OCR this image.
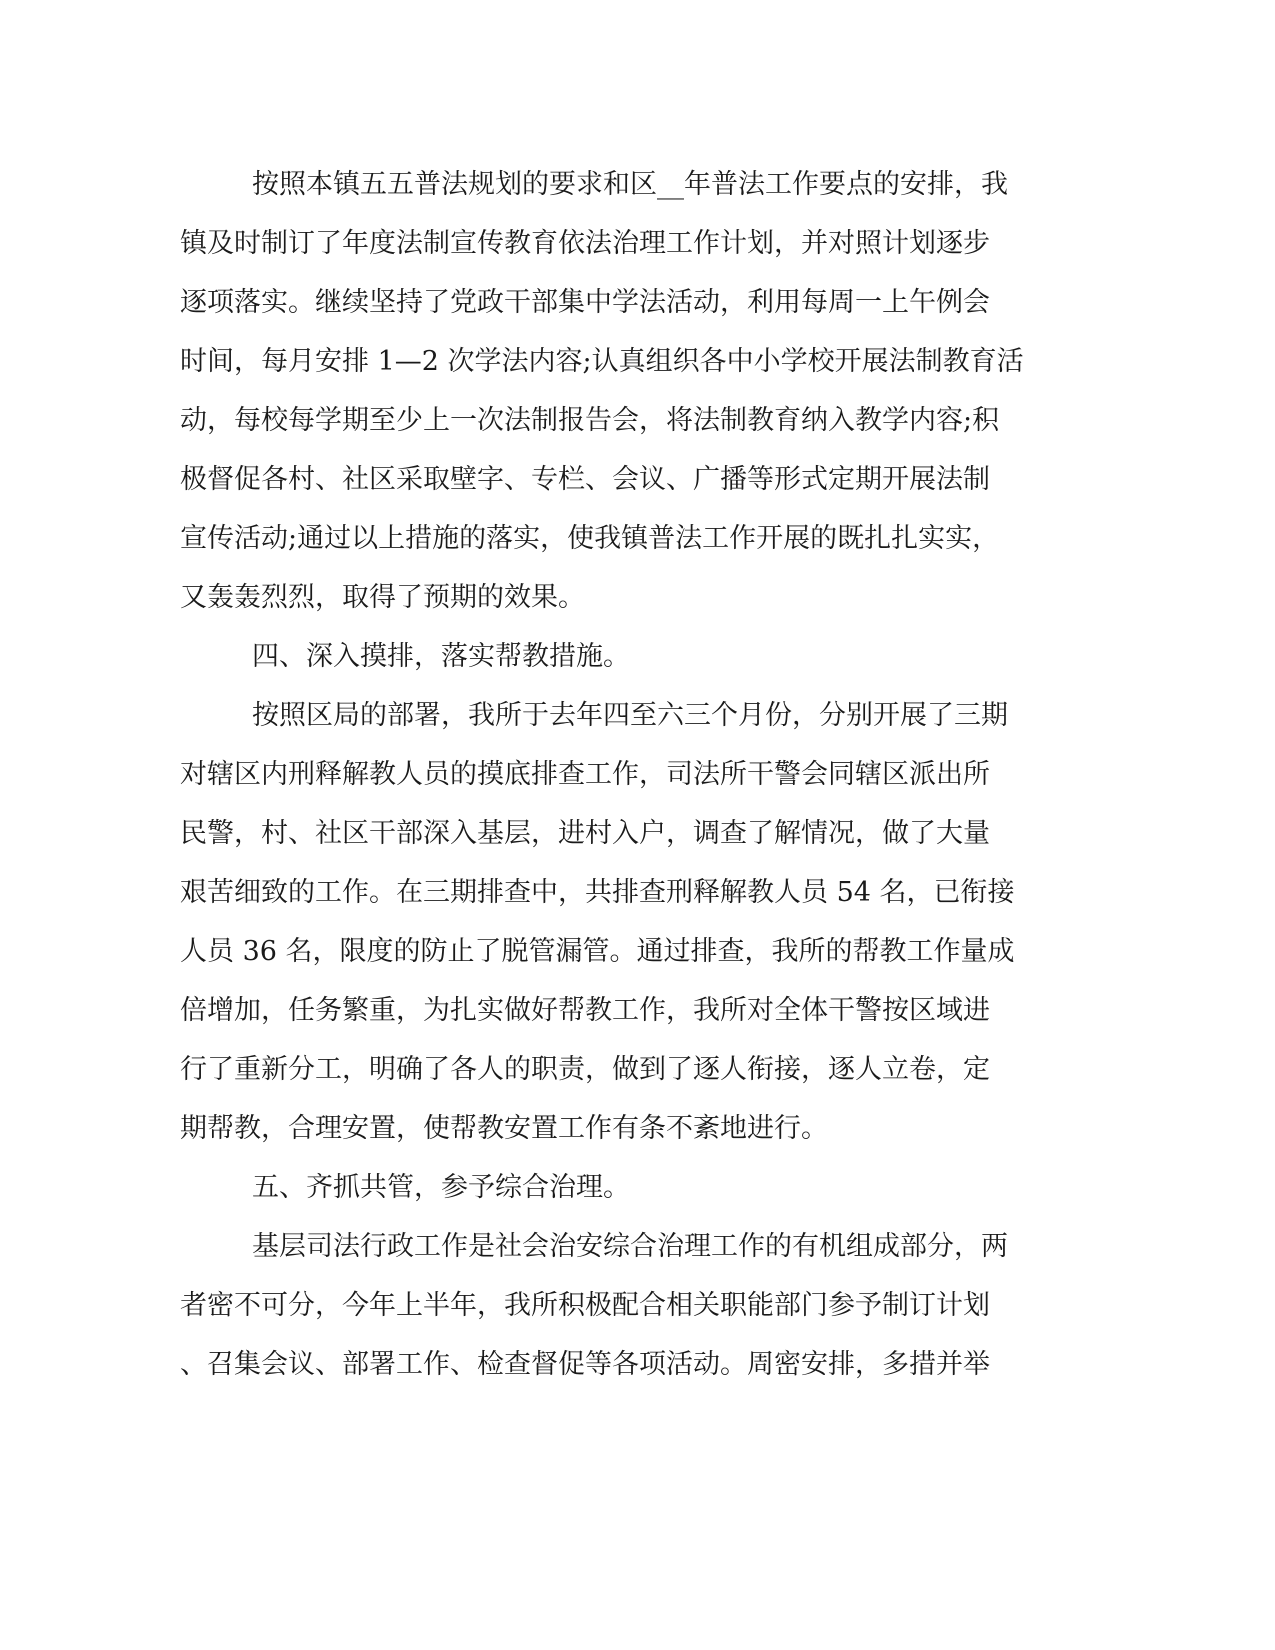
按照本镇五五普法规划的要求和区__年普法工作要点的安排，我
镇及时制订了年度法制宣传教育依法治理工作计划，并对照计划逐步
逐项落实。继续坚持了党政干部集中学法活动，利用每周一上午例会
时间，每月安排 1—2 次学法内容;认真组织各中小学校开展法制教育活
动，每校每学期至少上一次法制报告会，将法制教育纳入教学内容;积
极督促各村、社区采取壁字、专栏、会议、广播等形式定期开展法制
宣传活动;通过以上措施的落实，使我镇普法工作开展的既扎扎实实，
又轰轰烈烈，取得了预期的效果。
四、深入摸排，落实帮教措施。
按照区局的部署，我所于去年四至六三个月份，分别开展了三期
对辖区内刑释解教人员的摸底排查工作，司法所干警会同辖区派出所
民警，村、社区干部深入基层，进村入户，调查了解情况，做了大量
艰苦细致的工作。在三期排查中，共排查刑释解教人员 54 名，已衔接
人员 36 名，限度的防止了脱管漏管。通过排查，我所的帮教工作量成
倍增加，任务繁重，为扎实做好帮教工作，我所对全体干警按区域进
行了重新分工，明确了各人的职责，做到了逐人衔接，逐人立卷，定
期帮教，合理安置，使帮教安置工作有条不紊地进行。
五、齐抓共管，参予综合治理。
基层司法行政工作是社会治安综合治理工作的有机组成部分，两
者密不可分，今年上半年，我所积极配合相关职能部门参予制订计划
、召集会议、部署工作、检查督促等各项活动。周密安排，多措并举
